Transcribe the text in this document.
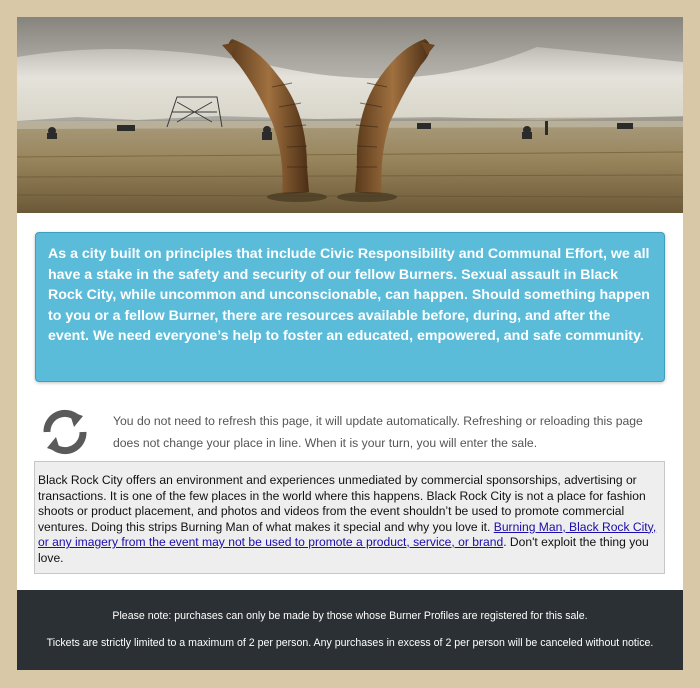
As a city built on principles that include Civic Responsibility and Communal Effort, we all have a stake in the safety and security of our fellow Burners. Sexual assault in Black Rock City, while uncommon and unconscionable, can happen. Should something happen to you or a fellow Burner, there are resources available before, during, and after the event. We need everyone’s help to foster an educated, empowered, and safe community.
You do not need to refresh this page, it will update automatically. Refreshing or reloading this page does not change your place in line. When it is your turn, you will enter the sale.
Black Rock City offers an environment and experiences unmediated by commercial sponsorships, advertising or transactions. It is one of the few places in the world where this happens. Black Rock City is not a place for fashion shoots or product placement, and photos and videos from the event shouldn’t be used to promote commercial ventures. Doing this strips Burning Man of what makes it special and why you love it. Burning Man, Black Rock City, or any imagery from the event may not be used to promote a product, service, or brand. Don't exploit the thing you love.

Please note: purchases can only be made by those whose Burner Profiles are registered for this sale.

Tickets are strictly limited to a maximum of 2 per person. Any purchases in excess of 2 per person will be canceled without notice.
